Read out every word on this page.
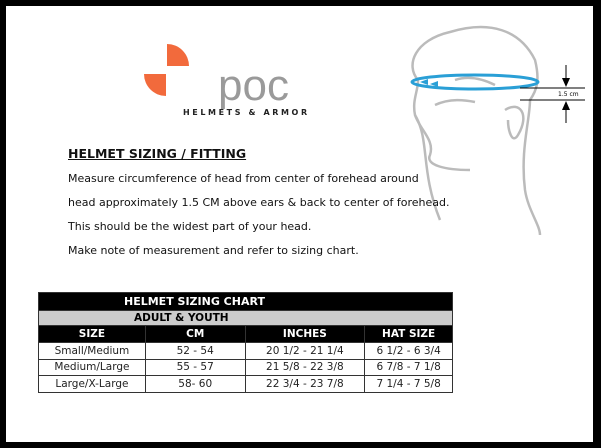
poc
HELMETS & ARMOR
1.5 cm
HELMET SIZING / FITTING
Measure circumference of head from center of forehead around
head approximately 1.5 CM above ears & back to center of forehead.
This should be the widest part of your head.
Make note of measurement and refer to sizing chart.
HELMET SIZING CHART			
ADULT & YOUTH			
SIZE	CM	INCHES	HAT SIZE
Small/Medium	52 - 54	20 1/2 - 21 1/4	6 1/2 - 6 3/4
Medium/Large	55 - 57	21 5/8 - 22 3/8	6 7/8 - 7 1/8
Large/X-Large	58- 60	22 3/4 - 23 7/8	7 1/4 - 7 5/8
